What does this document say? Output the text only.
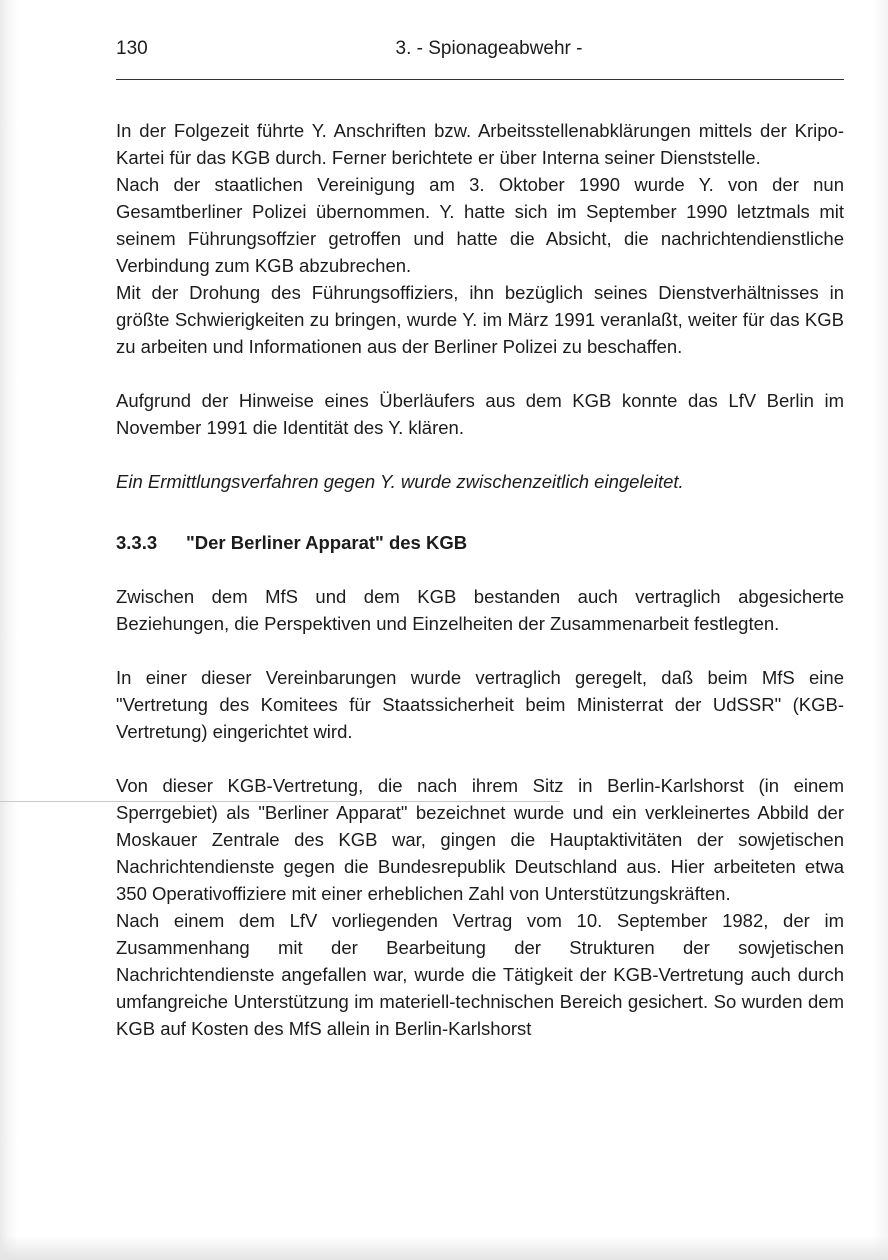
130	3. - Spionageabwehr -

In der Folgezeit führte Y. Anschriften bzw. Arbeitsstellenabklärungen mittels der Kripo-Kartei für das KGB durch. Ferner berichtete er über Interna seiner Dienststelle.

Nach der staatlichen Vereinigung am 3. Oktober 1990 wurde Y. von der nun Gesamtberliner Polizei übernommen. Y. hatte sich im September 1990 letztmals mit seinem Führungsoffzier getroffen und hatte die Absicht, die nachrichtendienstliche Verbindung zum KGB abzubrechen.

Mit der Drohung des Führungsoffiziers, ihn bezüglich seines Dienstverhältnisses in größte Schwierigkeiten zu bringen, wurde Y. im März 1991 veranlaßt, weiter für das KGB zu arbeiten und Informationen aus der Berliner Polizei zu beschaffen.

Aufgrund der Hinweise eines Überläufers aus dem KGB konnte das LfV Berlin im November 1991 die Identität des Y. klären.

Ein Ermittlungsverfahren gegen Y. wurde zwischenzeitlich eingeleitet.

3.3.3 "Der Berliner Apparat" des KGB

Zwischen dem MfS und dem KGB bestanden auch vertraglich abgesicherte Beziehungen, die Perspektiven und Einzelheiten der Zusammenarbeit festlegten.

In einer dieser Vereinbarungen wurde vertraglich geregelt, daß beim MfS eine "Vertretung des Komitees für Staatssicherheit beim Ministerrat der UdSSR" (KGB-Vertretung) eingerichtet wird.

Von dieser KGB-Vertretung, die nach ihrem Sitz in Berlin-Karlshorst (in einem Sperrgebiet) als "Berliner Apparat" bezeichnet wurde und ein verkleinertes Abbild der Moskauer Zentrale des KGB war, gingen die Hauptaktivitäten der sowjetischen Nachrichtendienste gegen die Bundesrepublik Deutschland aus. Hier arbeiteten etwa 350 Operativoffiziere mit einer erheblichen Zahl von Unterstützungskräften.

Nach einem dem LfV vorliegenden Vertrag vom 10. September 1982, der im Zusammenhang mit der Bearbeitung der Strukturen der sowjetischen Nachrichtendienste angefallen war, wurde die Tätigkeit der KGB-Vertretung auch durch umfangreiche Unterstützung im materiell-technischen Bereich gesichert. So wurden dem KGB auf Kosten des MfS allein in Berlin-Karlshorst
